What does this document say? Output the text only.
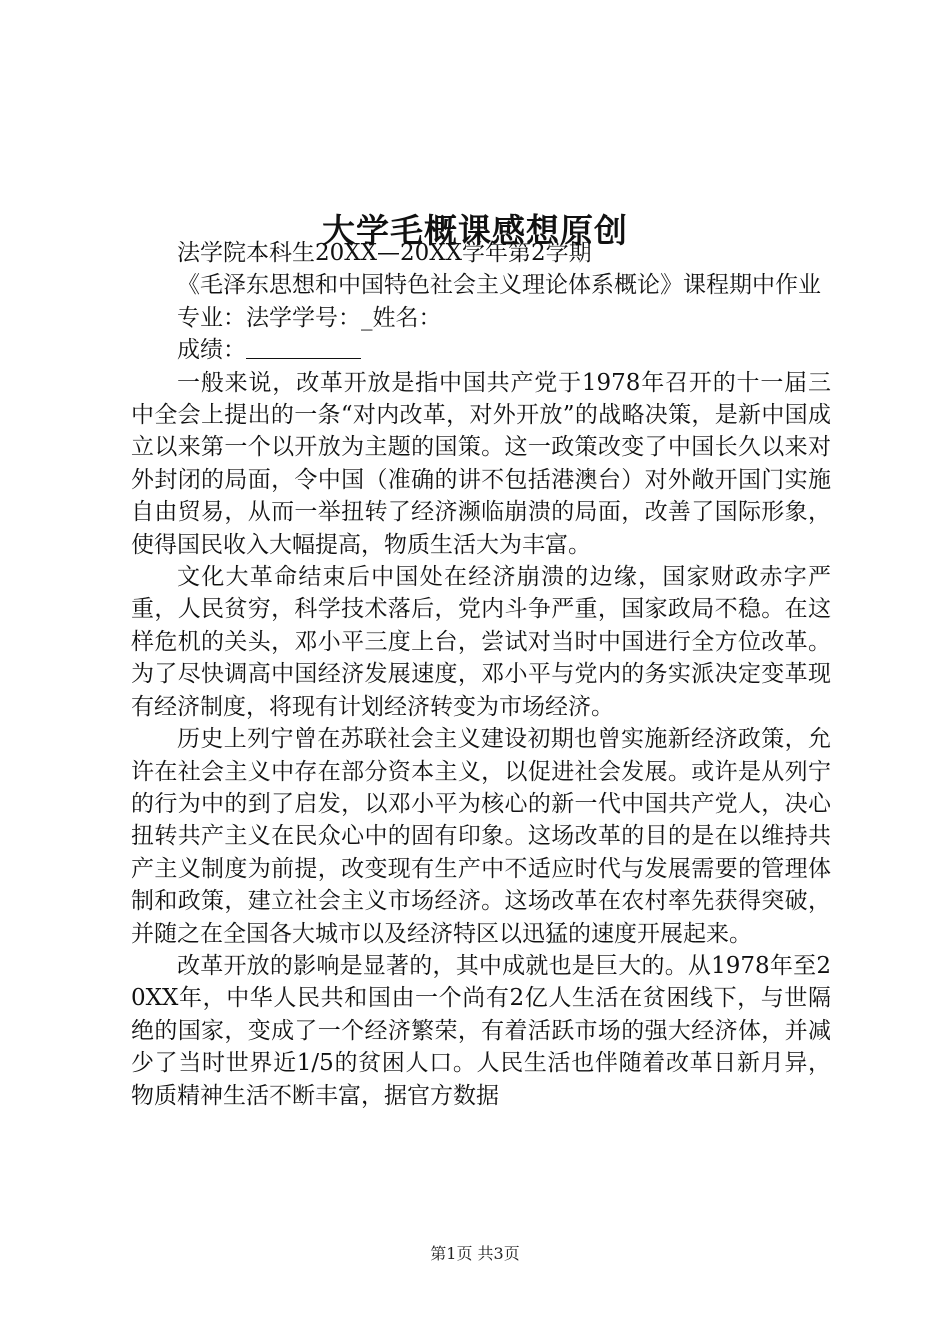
大学毛概课感想原创

法学院本科生20XX—20XX学年第2学期

《毛泽东思想和中国特色社会主义理论体系概论》课程期中作业

专业：法学学号：_姓名：

成绩：

一般来说，改革开放是指中国共产党于1978年召开的十一届三中全会上提出的一条“对内改革，对外开放”的战略决策，是新中国成立以来第一个以开放为主题的国策。这一政策改变了中国长久以来对外封闭的局面，令中国（准确的讲不包括港澳台）对外敞开国门实施自由贸易，从而一举扭转了经济濒临崩溃的局面，改善了国际形象，使得国民收入大幅提高，物质生活大为丰富。

文化大革命结束后中国处在经济崩溃的边缘，国家财政赤字严重，人民贫穷，科学技术落后，党内斗争严重，国家政局不稳。在这样危机的关头，邓小平三度上台，尝试对当时中国进行全方位改革。为了尽快调高中国经济发展速度，邓小平与党内的务实派决定变革现有经济制度，将现有计划经济转变为市场经济。

历史上列宁曾在苏联社会主义建设初期也曾实施新经济政策，允许在社会主义中存在部分资本主义，以促进社会发展。或许是从列宁的行为中的到了启发，以邓小平为核心的新一代中国共产党人，决心扭转共产主义在民众心中的固有印象。这场改革的目的是在以维持共产主义制度为前提，改变现有生产中不适应时代与发展需要的管理体制和政策，建立社会主义市场经济。这场改革在农村率先获得突破，并随之在全国各大城市以及经济特区以迅猛的速度开展起来。

改革开放的影响是显著的，其中成就也是巨大的。从1978年至20XX年，中华人民共和国由一个尚有2亿人生活在贫困线下，与世隔绝的国家，变成了一个经济繁荣，有着活跃市场的强大经济体，并减少了当时世界近1/5的贫困人口。人民生活也伴随着改革日新月异，物质精神生活不断丰富，据官方数据

第1页 共3页
